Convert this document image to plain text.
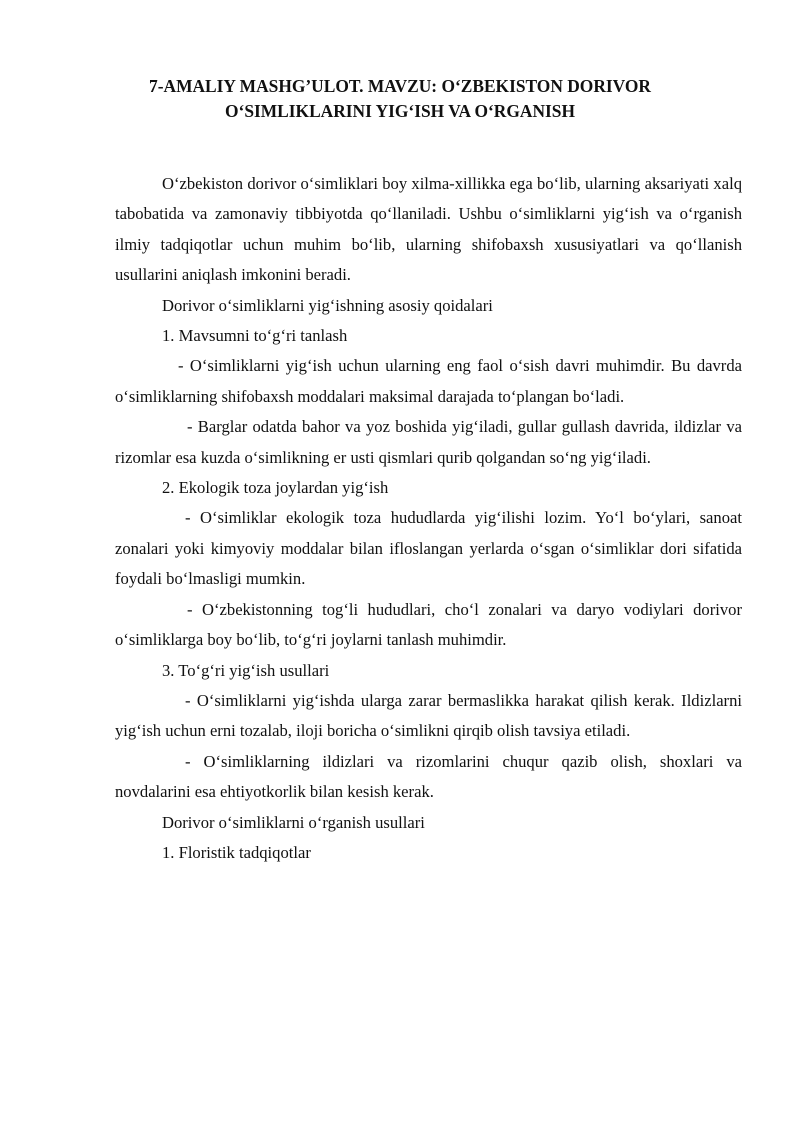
7-AMALIY MASHG’ULOT. MAVZU: O‘ZBEKISTON DORIVOR
O‘SIMLIKLARINI YIG‘ISH VA O‘RGANISH

O‘zbekiston dorivor o‘simliklari boy xilma-xillikka ega bo‘lib, ularning aksariyati xalq tabobatida va zamonaviy tibbiyotda qo‘llaniladi. Ushbu o‘simliklarni yig‘ish va o‘rganish ilmiy tadqiqotlar uchun muhim bo‘lib, ularning shifobaxsh xususiyatlari va qo‘llanish usullarini aniqlash imkonini beradi.

Dorivor o‘simliklarni yig‘ishning asosiy qoidalari

1. Mavsumni to‘g‘ri tanlash

- O‘simliklarni yig‘ish uchun ularning eng faol o‘sish davri muhimdir. Bu davrda o‘simliklarning shifobaxsh moddalari maksimal darajada to‘plangan bo‘ladi.

- Barglar odatda bahor va yoz boshida yig‘iladi, gullar gullash davrida, ildizlar va rizomlar esa kuzda o‘simlikning er usti qismlari qurib qolgandan so‘ng yig‘iladi.

2. Ekologik toza joylardan yig‘ish

- O‘simliklar ekologik toza hududlarda yig‘ilishi lozim. Yo‘l bo‘ylari, sanoat zonalari yoki kimyoviy moddalar bilan ifloslangan yerlarda o‘sgan o‘simliklar dori sifatida foydali bo‘lmasligi mumkin.

- O‘zbekistonning tog‘li hududlari, cho‘l zonalari va daryo vodiylari dorivor o‘simliklarga boy bo‘lib, to‘g‘ri joylarni tanlash muhimdir.

3. To‘g‘ri yig‘ish usullari

- O‘simliklarni yig‘ishda ularga zarar bermaslikka harakat qilish kerak. Ildizlarni yig‘ish uchun erni tozalab, iloji boricha o‘simlikni qirqib olish tavsiya etiladi.

- O‘simliklarning ildizlari va rizomlarini chuqur qazib olish, shoxlari va novdalarini esa ehtiyotkorlik bilan kesish kerak.

Dorivor o‘simliklarni o‘rganish usullari

1. Floristik tadqiqotlar
